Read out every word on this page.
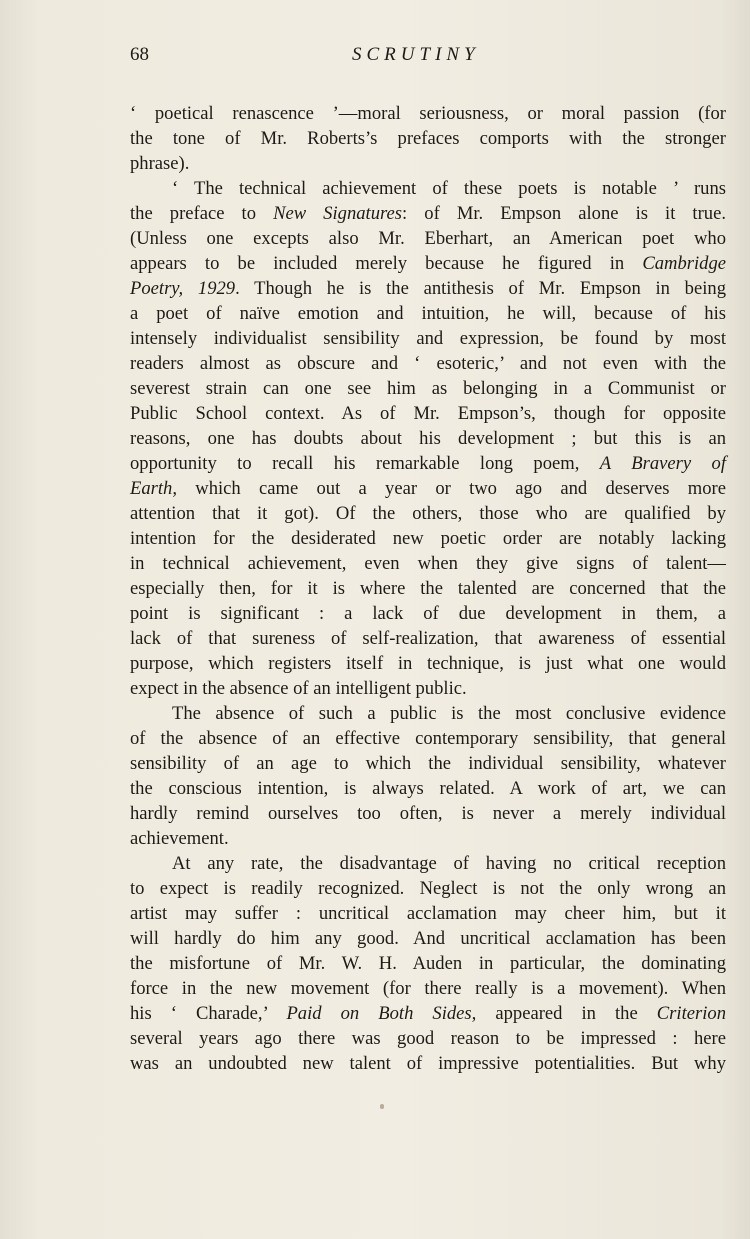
68	SCRUTINY
‘ poetical renascence ’—moral seriousness, or moral passion (for
the tone of Mr. Roberts’s prefaces comports with the stronger
phrase).
‘ The technical achievement of these poets is notable ’ runs
the preface to New Signatures: of Mr. Empson alone is it true.
(Unless one excepts also Mr. Eberhart, an American poet who
appears to be included merely because he figured in Cambridge
Poetry, 1929. Though he is the antithesis of Mr. Empson in being
a poet of naïve emotion and intuition, he will, because of his
intensely individualist sensibility and expression, be found by most
readers almost as obscure and ‘ esoteric,’ and not even with the
severest strain can one see him as belonging in a Communist or
Public School context. As of Mr. Empson’s, though for opposite
reasons, one has doubts about his development ; but this is an
opportunity to recall his remarkable long poem, A Bravery of
Earth, which came out a year or two ago and deserves more
attention that it got). Of the others, those who are qualified by
intention for the desiderated new poetic order are notably lacking
in technical achievement, even when they give signs of talent—
especially then, for it is where the talented are concerned that the
point is significant : a lack of due development in them, a
lack of that sureness of self-realization, that awareness of essential
purpose, which registers itself in technique, is just what one would
expect in the absence of an intelligent public.
The absence of such a public is the most conclusive evidence
of the absence of an effective contemporary sensibility, that general
sensibility of an age to which the individual sensibility, whatever
the conscious intention, is always related. A work of art, we can
hardly remind ourselves too often, is never a merely individual
achievement.
At any rate, the disadvantage of having no critical reception
to expect is readily recognized. Neglect is not the only wrong an
artist may suffer : uncritical acclamation may cheer him, but it
will hardly do him any good. And uncritical acclamation has been
the misfortune of Mr. W. H. Auden in particular, the dominating
force in the new movement (for there really is a movement). When
his ‘ Charade,’ Paid on Both Sides, appeared in the Criterion
several years ago there was good reason to be impressed : here
was an undoubted new talent of impressive potentialities. But why
